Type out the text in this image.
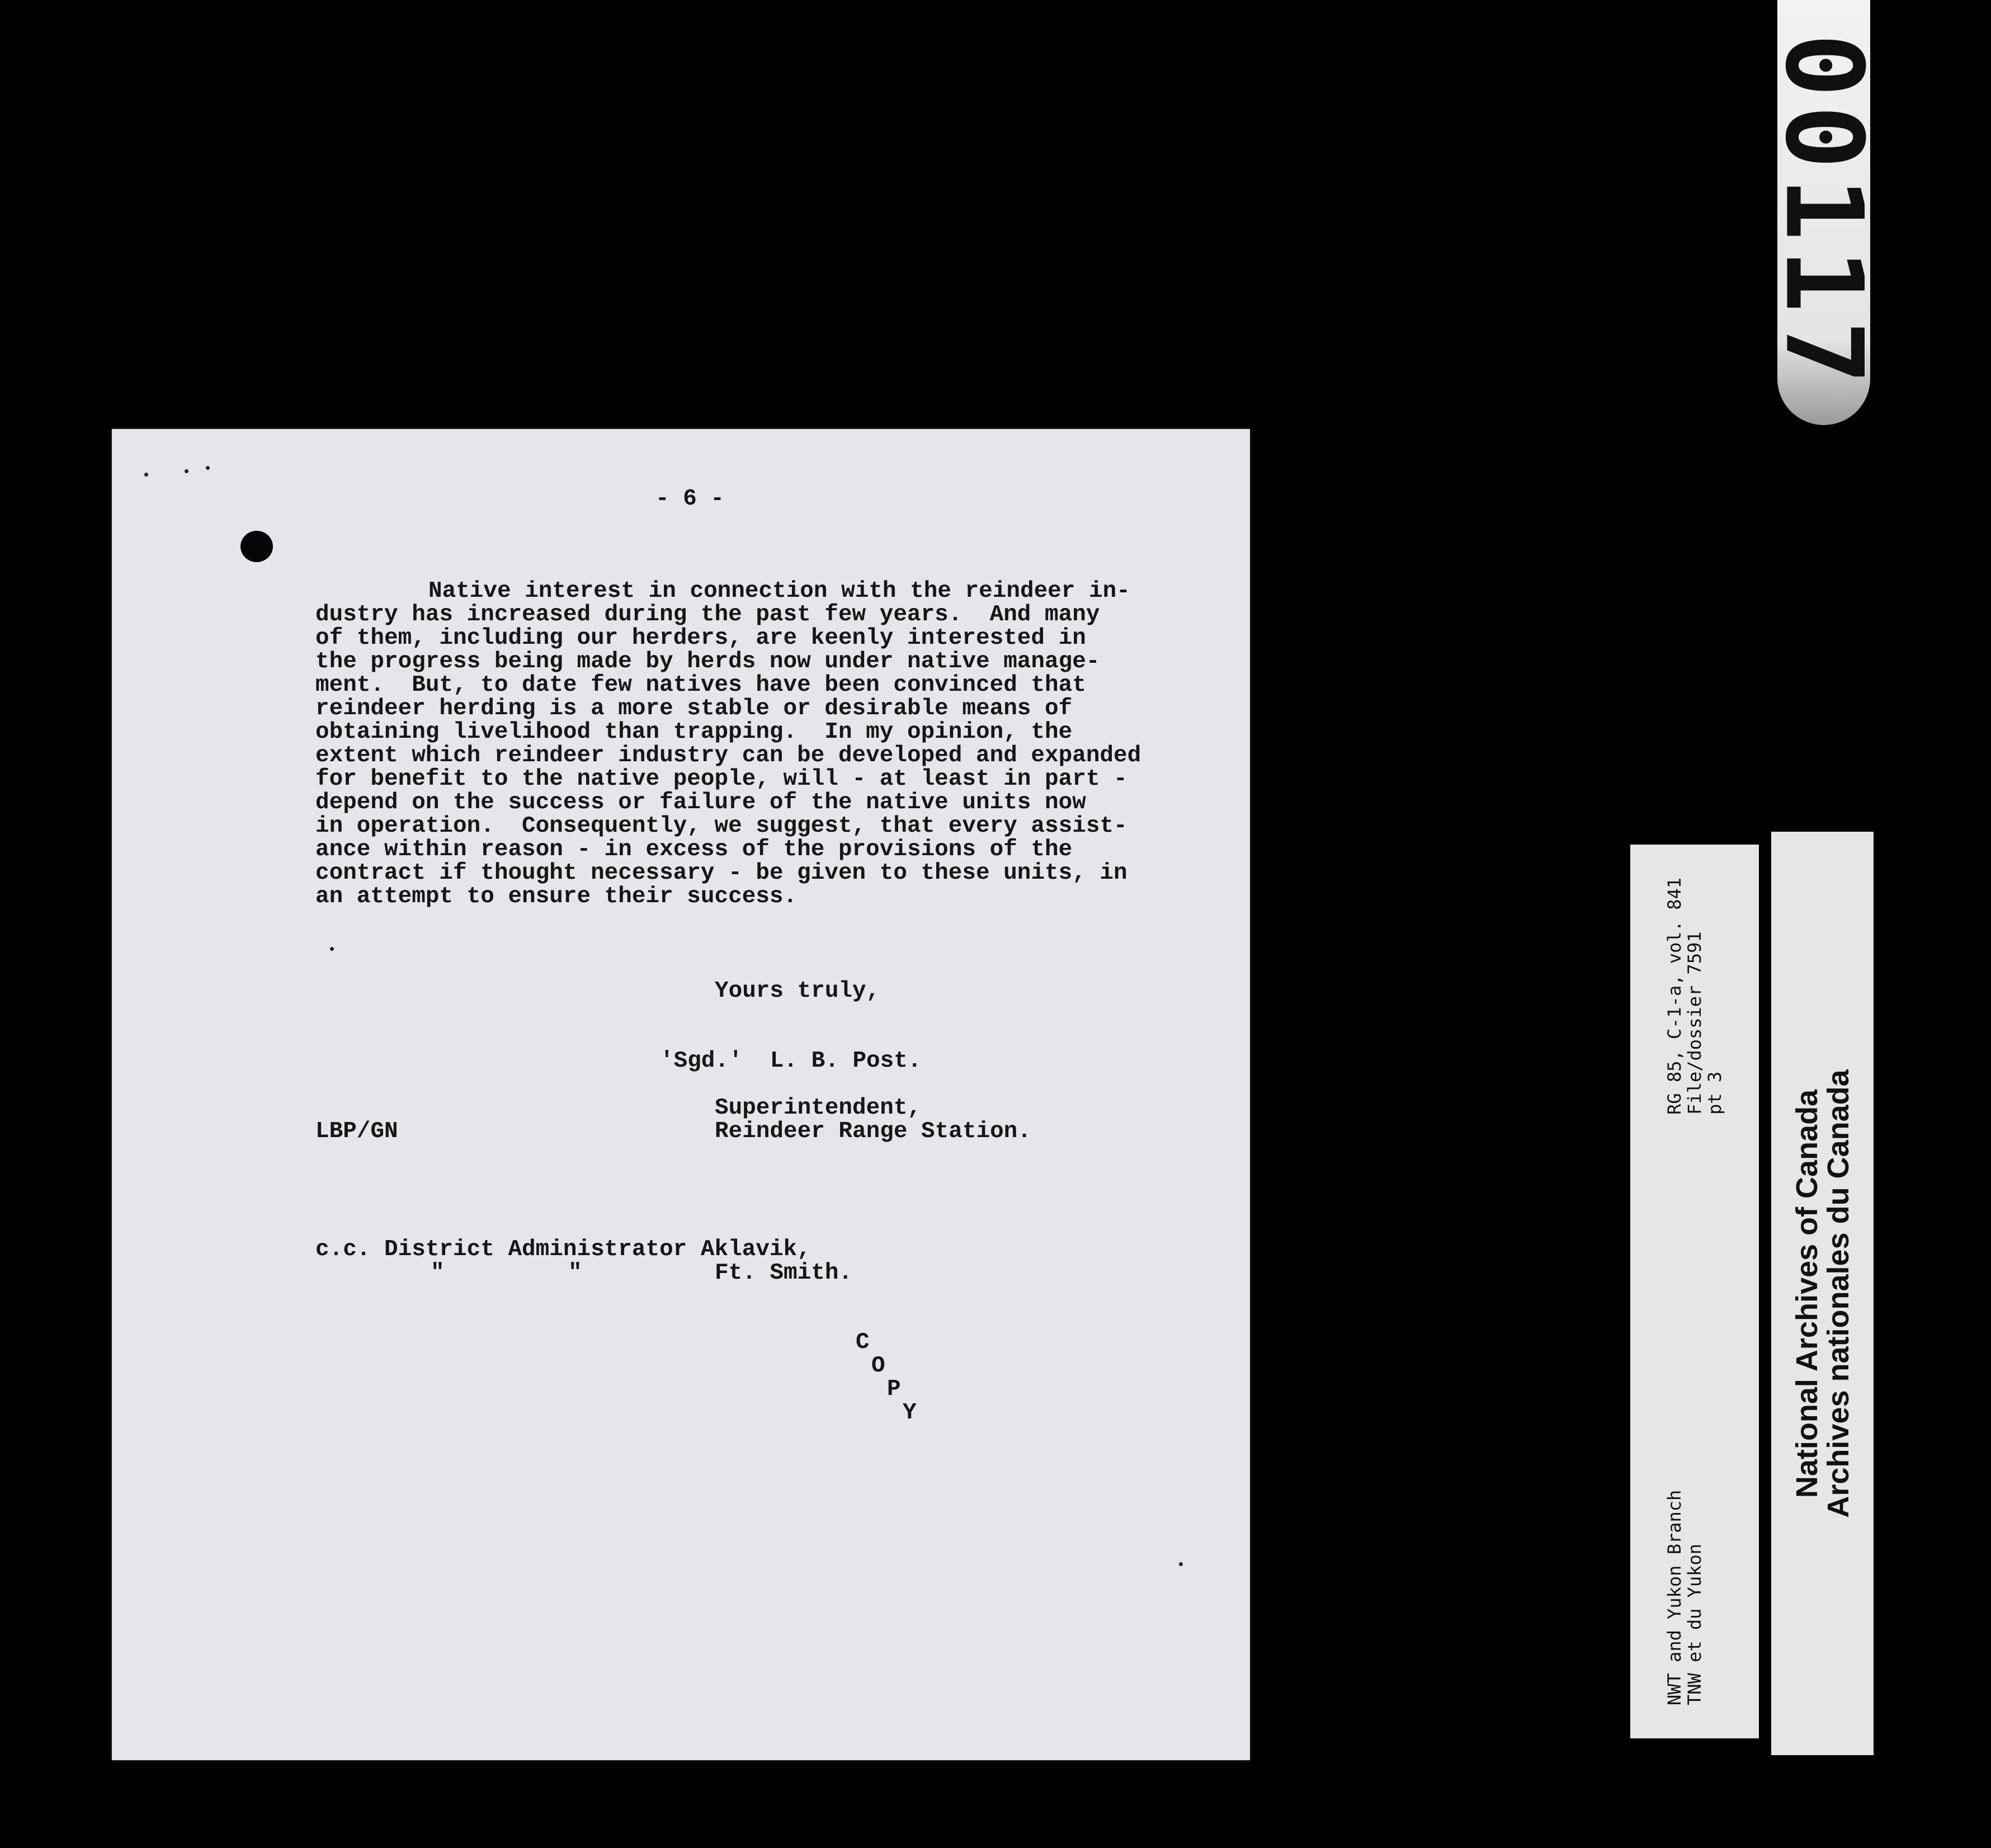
00117

- 6 -

Native interest in connection with the reindeer in-

dustry has increased during the past few years.  And many

of them, including our herders, are keenly interested in

the progress being made by herds now under native manage-

ment.  But, to date few natives have been convinced that

reindeer herding is a more stable or desirable means of

obtaining livelihood than trapping.  In my opinion, the

extent which reindeer industry can be developed and expanded

for benefit to the native people, will - at least in part -

depend on the success or failure of the native units now

in operation.  Consequently, we suggest, that every assist-

ance within reason - in excess of the provisions of the

contract if thought necessary - be given to these units, in

an attempt to ensure their success.

Yours truly,

'Sgd.'  L. B. Post.

Superintendent,

Reindeer Range Station.

LBP/GN

c.c. District Administrator Aklavik,

"         "	Ft. Smith.

C

O

P

Y

NWT and Yukon Branch
TNW et du Yukon
RG 85, C-1-a, vol. 841
File/dossier 7591
pt 3 National Archives of Canada
Archives nationales du Canada
